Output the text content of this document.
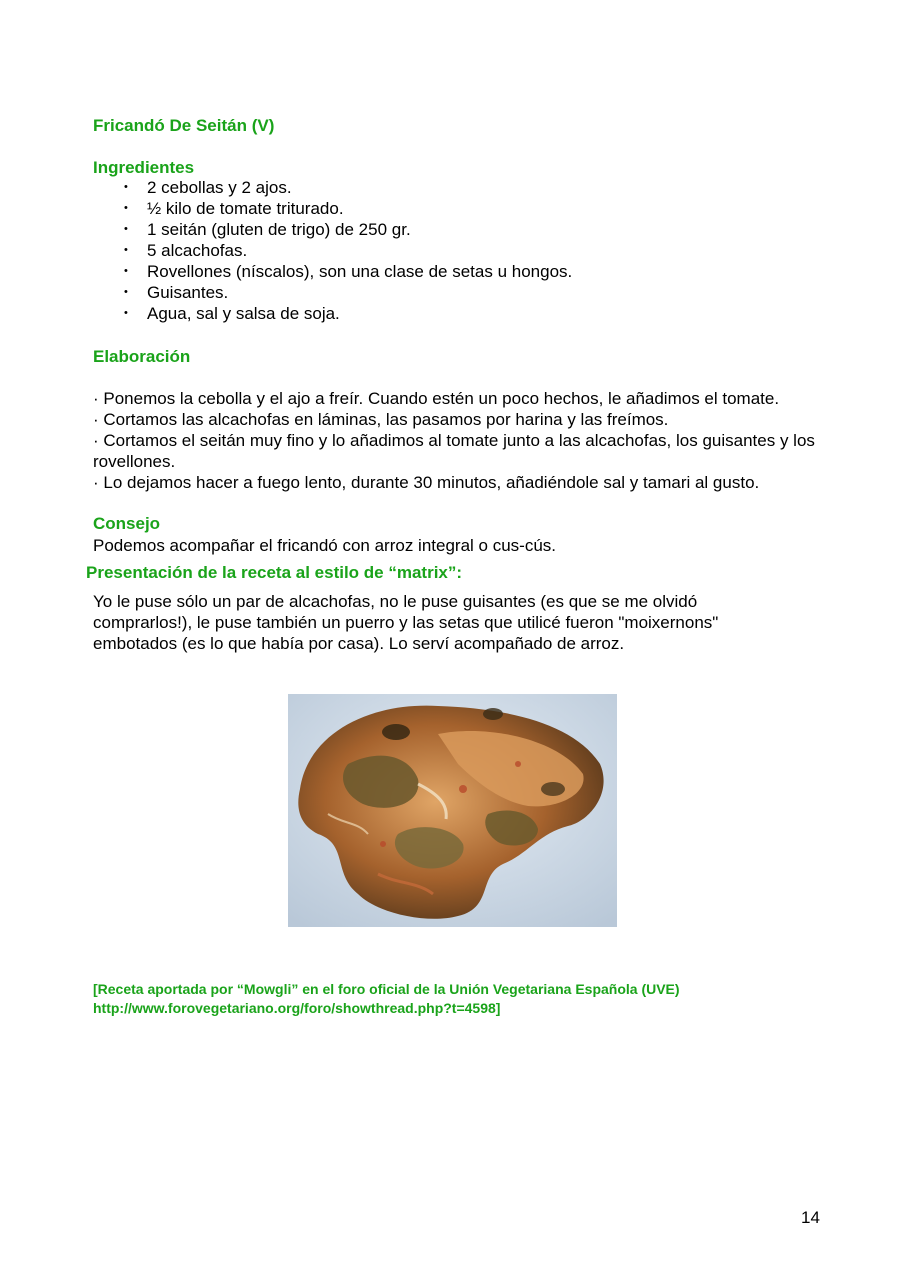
Fricandó De Seitán (V)
Ingredientes
• 2 cebollas y 2 ajos.
• ½ kilo de tomate triturado.
• 1 seitán (gluten de trigo) de 250 gr.
• 5 alcachofas.
• Rovellones (níscalos), son una clase de setas u hongos.
• Guisantes.
• Agua, sal y salsa de soja.
Elaboración

· Ponemos la cebolla y el ajo a freír. Cuando estén un poco hechos, le añadimos el tomate.

· Cortamos las alcachofas en láminas, las pasamos por harina y las freímos.

· Cortamos el seitán muy fino y lo añadimos al tomate junto a las alcachofas, los guisantes y los rovellones.

· Lo dejamos hacer a fuego lento, durante 30 minutos, añadiéndole sal y tamari al gusto.

Consejo
Podemos acompañar el fricandó con arroz integral o cus-cús.
Presentación de la receta al estilo de “matrix”:
Yo le puse sólo un par de alcachofas, no le puse guisantes (es que se me olvidó comprarlos!), le puse también un puerro y las setas que utilicé fueron "moixernons" embotados (es lo que había por casa). Lo serví acompañado de arroz.
[Receta aportada por “Mowgli” en el foro oficial de la Unión Vegetariana Española (UVE)
http://www.forovegetariano.org/foro/showthread.php?t=4598]
14
